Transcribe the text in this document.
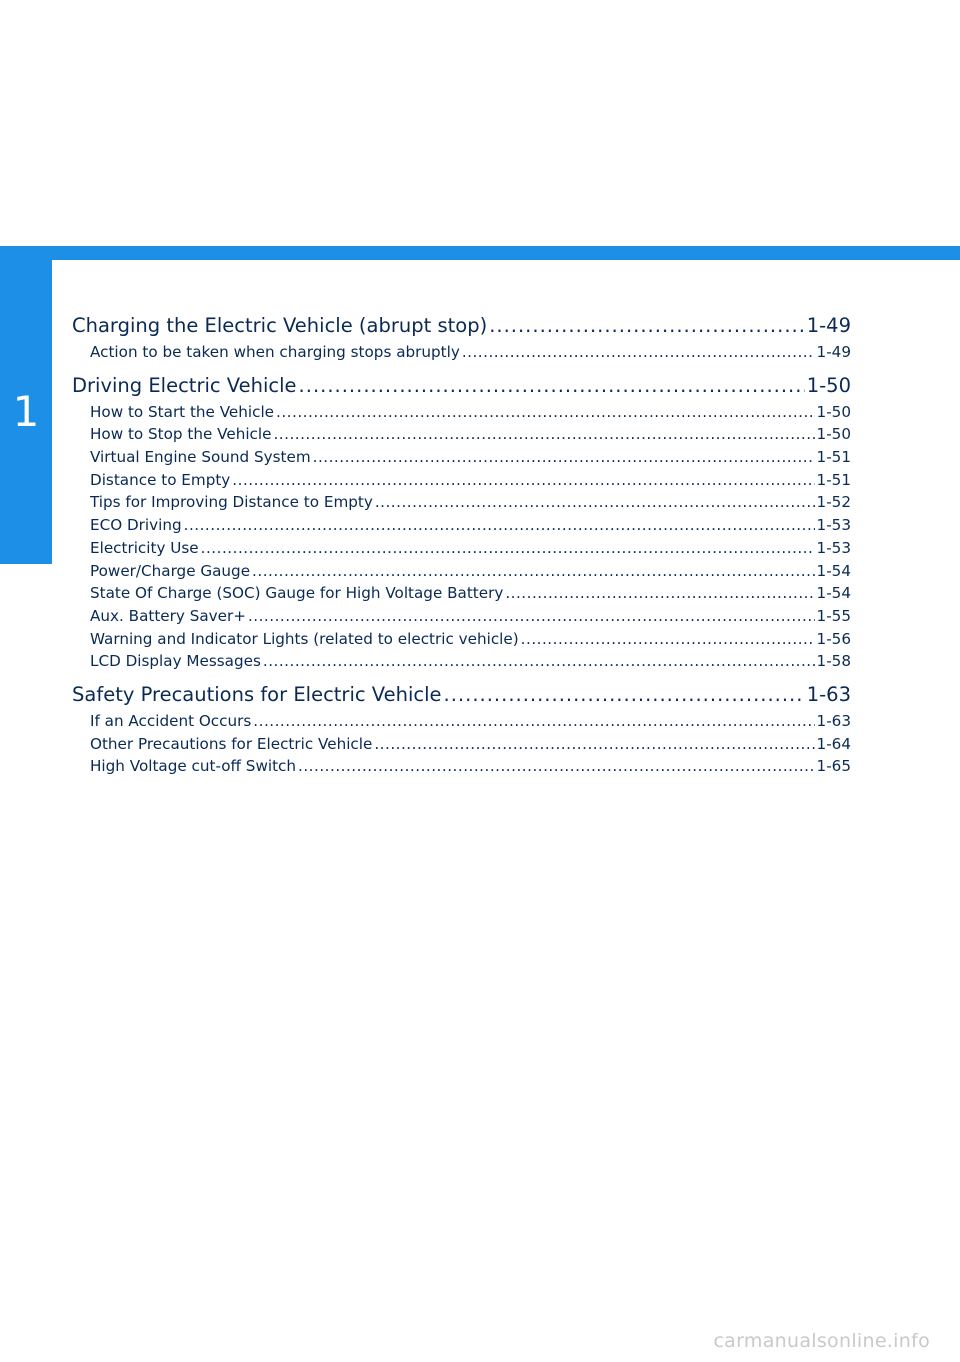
1
Charging the Electric Vehicle (abrupt stop) .....	1-49
Action to be taken when charging stops abruptly .....	1-49
Driving Electric Vehicle .....	1-50
How to Start the Vehicle .....	1-50
How to Stop the Vehicle .....	1-50
Virtual Engine Sound System .....	1-51
Distance to Empty .....	1-51
Tips for Improving Distance to Empty .....	1-52
ECO Driving .....	1-53
Electricity Use .....	1-53
Power/Charge Gauge .....	1-54
State Of Charge (SOC) Gauge for High Voltage Battery .....	1-54
Aux. Battery Saver+ .....	1-55
Warning and Indicator Lights (related to electric vehicle) .....	1-56
LCD Display Messages .....	1-58
Safety Precautions for Electric Vehicle .....	1-63
If an Accident Occurs .....	1-63
Other Precautions for Electric Vehicle .....	1-64
High Voltage cut-off Switch .....	1-65
carmanualsonline.info
